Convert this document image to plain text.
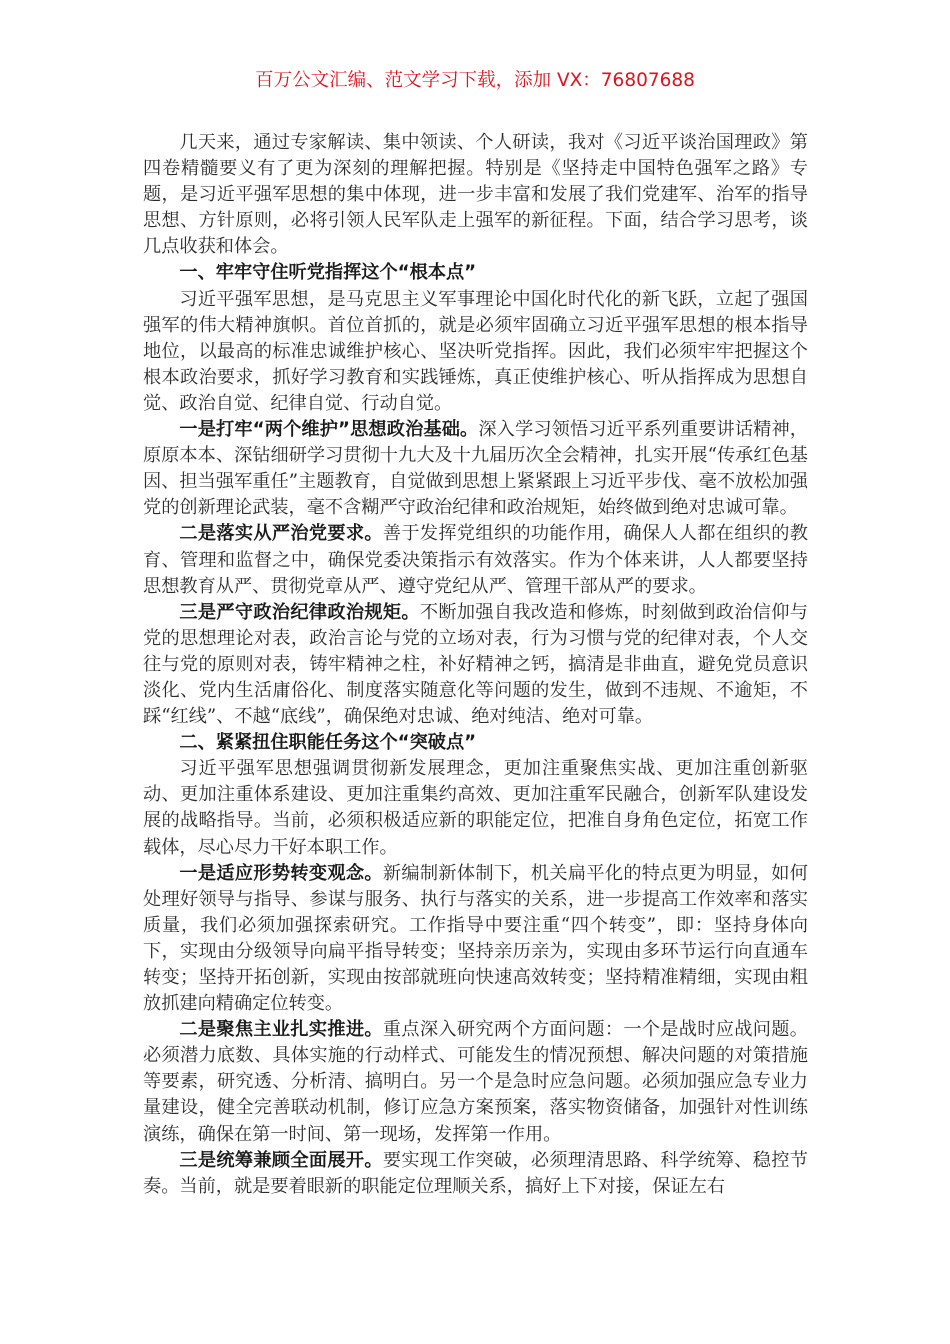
百万公文汇编、范文学习下载，添加 VX：76807688

几天来，通过专家解读、集中领读、个人研读，我对《习近平谈治国理政》第四卷精髓要义有了更为深刻的理解把握。特别是《坚持走中国特色强军之路》专题，是习近平强军思想的集中体现，进一步丰富和发展了我们党建军、治军的指导思想、方针原则，必将引领人民军队走上强军的新征程。下面，结合学习思考，谈几点收获和体会。

一、牢牢守住听党指挥这个“根本点”

习近平强军思想，是马克思主义军事理论中国化时代化的新飞跃，立起了强国强军的伟大精神旗帜。首位首抓的，就是必须牢固确立习近平强军思想的根本指导地位，以最高的标准忠诚维护核心、坚决听党指挥。因此，我们必须牢牢把握这个根本政治要求，抓好学习教育和实践锤炼，真正使维护核心、听从指挥成为思想自觉、政治自觉、纪律自觉、行动自觉。

一是打牢“两个维护”思想政治基础。深入学习领悟习近平系列重要讲话精神，原原本本、深钻细研学习贯彻十九大及十九届历次全会精神，扎实开展“传承红色基因、担当强军重任”主题教育，自觉做到思想上紧紧跟上习近平步伐、毫不放松加强党的创新理论武装，毫不含糊严守政治纪律和政治规矩，始终做到绝对忠诚可靠。

二是落实从严治党要求。善于发挥党组织的功能作用，确保人人都在组织的教育、管理和监督之中，确保党委决策指示有效落实。作为个体来讲，人人都要坚持思想教育从严、贯彻党章从严、遵守党纪从严、管理干部从严的要求。

三是严守政治纪律政治规矩。不断加强自我改造和修炼，时刻做到政治信仰与党的思想理论对表，政治言论与党的立场对表，行为习惯与党的纪律对表，个人交往与党的原则对表，铸牢精神之柱，补好精神之钙，搞清是非曲直，避免党员意识淡化、党内生活庸俗化、制度落实随意化等问题的发生，做到不违规、不逾矩，不踩“红线”、不越“底线”，确保绝对忠诚、绝对纯洁、绝对可靠。

二、紧紧扭住职能任务这个“突破点”

习近平强军思想强调贯彻新发展理念，更加注重聚焦实战、更加注重创新驱动、更加注重体系建设、更加注重集约高效、更加注重军民融合，创新军队建设发展的战略指导。当前，必须积极适应新的职能定位，把准自身角色定位，拓宽工作载体，尽心尽力干好本职工作。

一是适应形势转变观念。新编制新体制下，机关扁平化的特点更为明显，如何处理好领导与指导、参谋与服务、执行与落实的关系，进一步提高工作效率和落实质量，我们必须加强探索研究。工作指导中要注重“四个转变”，即：坚持身体向下，实现由分级领导向扁平指导转变；坚持亲历亲为，实现由多环节运行向直通车转变；坚持开拓创新，实现由按部就班向快速高效转变；坚持精准精细，实现由粗放抓建向精确定位转变。

二是聚焦主业扎实推进。重点深入研究两个方面问题：一个是战时应战问题。必须潜力底数、具体实施的行动样式、可能发生的情况预想、解决问题的对策措施等要素，研究透、分析清、搞明白。另一个是急时应急问题。必须加强应急专业力量建设，健全完善联动机制，修订应急方案预案，落实物资储备，加强针对性训练演练，确保在第一时间、第一现场，发挥第一作用。

三是统筹兼顾全面展开。要实现工作突破，必须理清思路、科学统筹、稳控节奏。当前，就是要着眼新的职能定位理顺关系，搞好上下对接，保证左右
